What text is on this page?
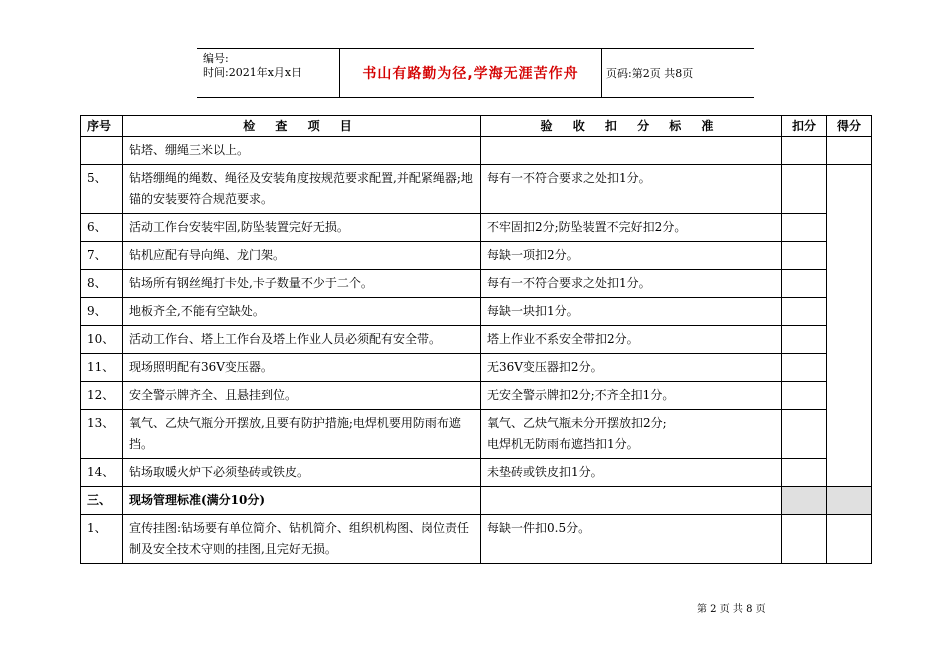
编号:
时间:2021年x月x日	书山有路勤为径,学海无涯苦作舟	页码:第2页 共8页
序号	检 查 项 目	验 收 扣 分 标 准	扣分	得分
	钻塔、绷绳三米以上。			
5、	钻塔绷绳的绳数、绳径及安装角度按规范要求配置,并配紧绳器;地锚的安装要符合规范要求。	每有一不符合要求之处扣1分。		
6、	活动工作台安装牢固,防坠装置完好无损。	不牢固扣2分;防坠装置不完好扣2分。		
7、	钻机应配有导向绳、龙门架。	每缺一项扣2分。		
8、	钻场所有钢丝绳打卡处,卡子数量不少于二个。	每有一不符合要求之处扣1分。		
9、	地板齐全,不能有空缺处。	每缺一块扣1分。		
10、	活动工作台、塔上工作台及塔上作业人员必须配有安全带。	塔上作业不系安全带扣2分。		
11、	现场照明配有36V变压器。	无36V变压器扣2分。		
12、	安全警示牌齐全、且悬挂到位。	无安全警示牌扣2分;不齐全扣1分。		
13、	氧气、乙炔气瓶分开摆放,且要有防护措施;电焊机要用防雨布遮挡。	氧气、乙炔气瓶未分开摆放扣2分;
电焊机无防雨布遮挡扣1分。		

14、	钻场取暖火炉下必须垫砖或铁皮。	未垫砖或铁皮扣1分。		
三、	现场管理标准(满分10分)			
1、	宣传挂图:钻场要有单位简介、钻机简介、组织机构图、岗位责任制及安全技术守则的挂图,且完好无损。	每缺一件扣0.5分。		
第 2 页 共 8 页
